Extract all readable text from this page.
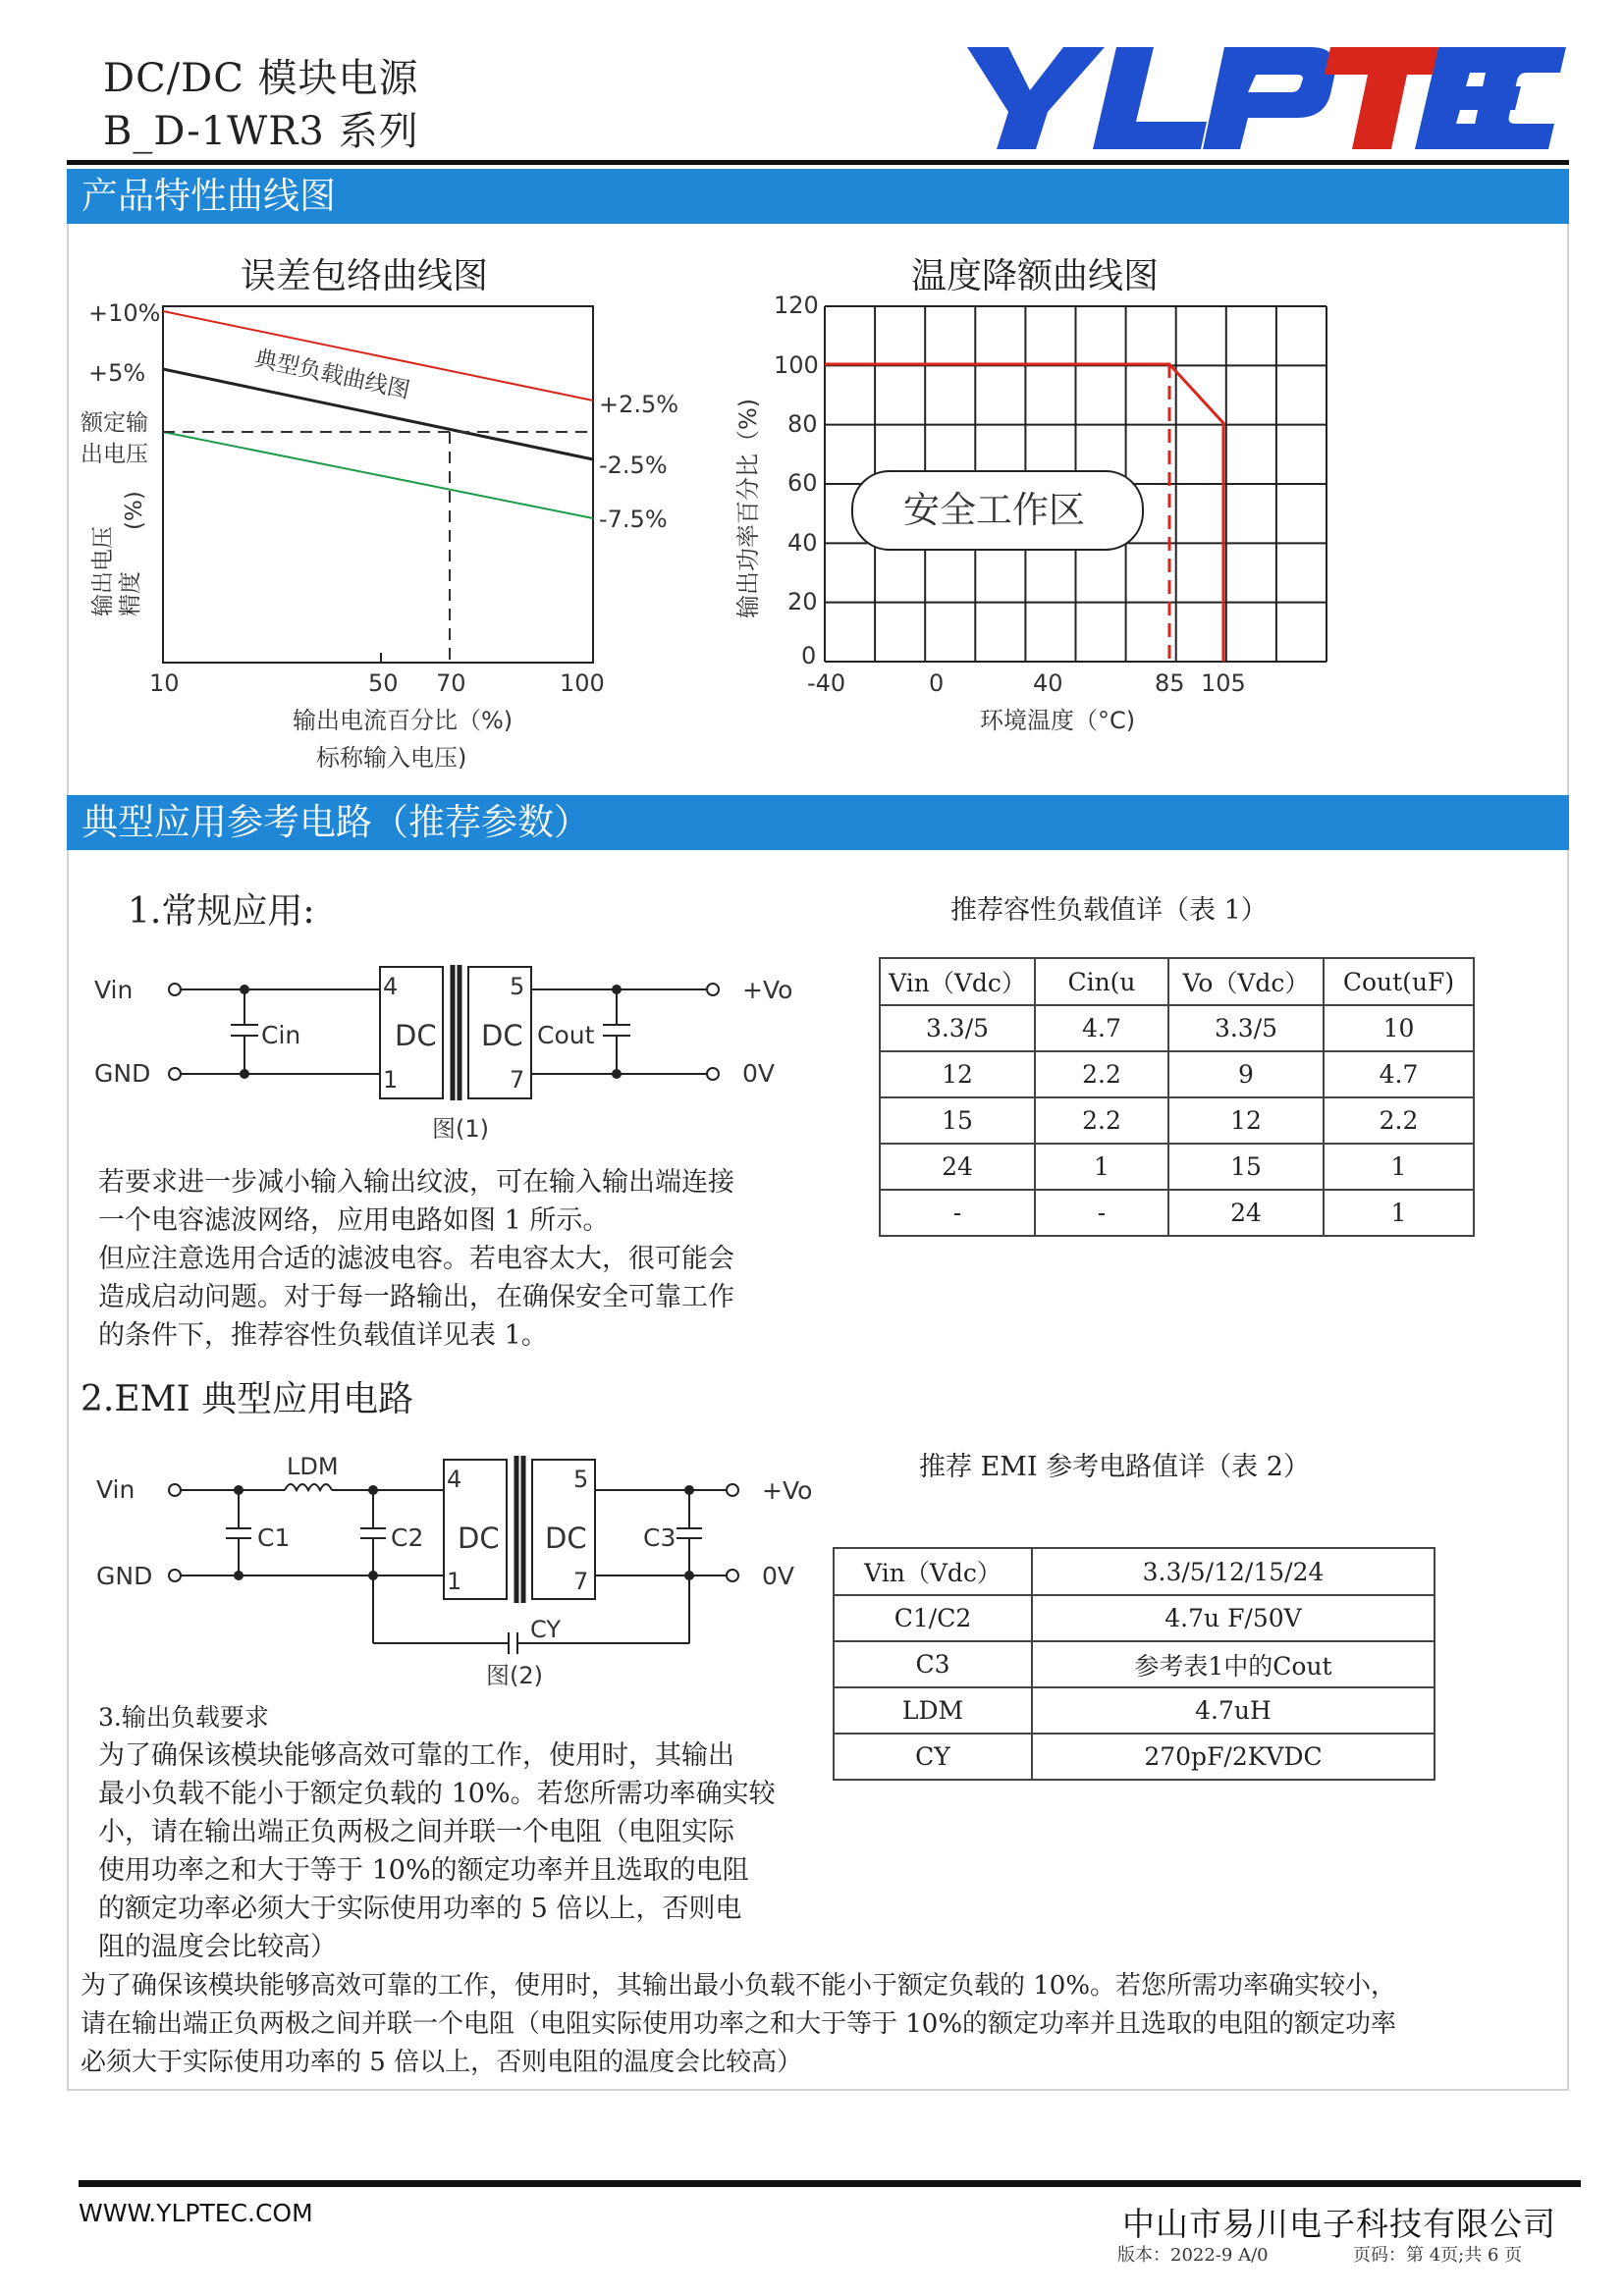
DC/DC 模块电源
B_D-1WR3 系列
产品特性曲线图
误差包络曲线图	温度降额曲线图
+10%
+5%
额定输
出电压
输出电压 精度
(%)
+2.5%
-2.5%
-7.5%
典型负载曲线图
10	50 70	100
输出电流百分比（%)
标称输入电压)
安全工作区
120
100
80
60
40
20
0
-40	0	40	85 105
输出功率百分比（%)
环境温度（°C)
典型应用参考电路（推荐参数）
1.常规应用:
Vin
GND
Cin
4
1
DC
5
7
DC Cout
+Vo
0V
图(1)
若要求进一步减小输入输出纹波，可在输入输出端连接
一个电容滤波网络，应用电路如图 1 所示。
但应注意选用合适的滤波电容。若电容太大，很可能会
造成启动问题。对于每一路输出，在确保安全可靠工作
的条件下，推荐容性负载值详见表 1。
推荐容性负载值详（表 1）
Vin（Vdc）	Cin(u	Vo（Vdc）	Cout(uF)
3.3/5	4.7	3.3/5	10
12	2.2	9	4.7
15	2.2	12	2.2
24	1	15	1
-	-	24	1
2.EMI 典型应用电路
Vin
GND
LDM
C1	C2
4
1
DC
5
7
DC C3
CY
+Vo
0V
图(2)
推荐 EMI 参考电路值详（表 2）
Vin（Vdc）	3.3/5/12/15/24
C1/C2	4.7u F/50V
C3	参考表1中的Cout
LDM	4.7uH
CY	270pF/2KVDC
3.输出负载要求
为了确保该模块能够高效可靠的工作，使用时，其输出
最小负载不能小于额定负载的 10%。若您所需功率确实较
小，请在输出端正负两极之间并联一个电阻（电阻实际
使用功率之和大于等于 10%的额定功率并且选取的电阻
的额定功率必须大于实际使用功率的 5 倍以上，否则电
阻的温度会比较高）
为了确保该模块能够高效可靠的工作，使用时，其输出最小负载不能小于额定负载的 10%。若您所需功率确实较小，
请在输出端正负两极之间并联一个电阻（电阻实际使用功率之和大于等于 10%的额定功率并且选取的电阻的额定功率
必须大于实际使用功率的 5 倍以上，否则电阻的温度会比较高）
WWW.YLPTEC.COM	中山市易川电子科技有限公司
版本：2022-9 A/0	页码：第 4页;共 6 页
